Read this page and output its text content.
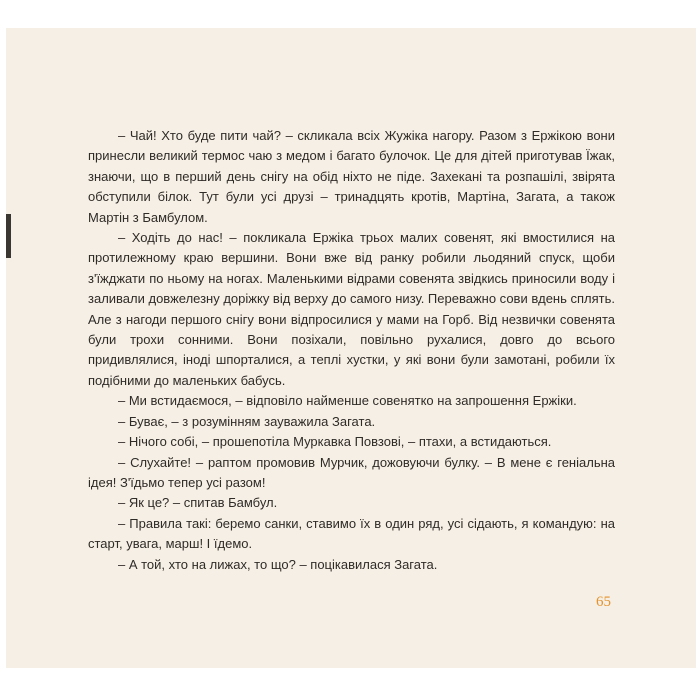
– Чай! Хто буде пити чай? – скликала всіх Жужіка нагору. Разом з Ержікою вони принесли великий термос чаю з медом і багато булочок. Це для дітей приготував Їжак, знаючи, що в перший день снігу на обід ніхто не піде. Захекані та розпашілі, звірята обступили білок. Тут були усі друзі – тринадцять кротів, Мартіна, Загата, а також Мартін з Бамбулом.

– Ходіть до нас! – покликала Ержіка трьох малих совенят, які вмостилися на протилежному краю вершини. Вони вже від ранку робили льодяний спуск, щоби з'їжджати по ньому на ногах. Маленькими відрами совенята звідкись приносили воду і заливали довжелезну доріжку від верху до самого низу. Переважно сови вдень сплять. Але з нагоди першого снігу вони відпросилися у мами на Горб. Від незвички совенята були трохи сонними. Вони позіхали, повільно рухалися, довго до всього придивлялися, іноді шпорталися, а теплі хустки, у які вони були замотані, робили їх подібними до маленьких бабусь.

– Ми встидаємося, – відповіло найменше совенятко на запрошення Ержіки.

– Буває, – з розумінням зауважила Загата.

– Нічого собі, – прошепотіла Муркавка Повзові, – птахи, а встидаються.

– Слухайте! – раптом промовив Мурчик, дожовуючи булку. – В мене є геніальна ідея! З'їдьмо тепер усі разом!

– Як це? – спитав Бамбул.

– Правила такі: беремо санки, ставимо їх в один ряд, усі сідають, я командую: на старт, увага, марш! І їдемо.

– А той, хто на лижах, то що? – поцікавилася Загата.

65
